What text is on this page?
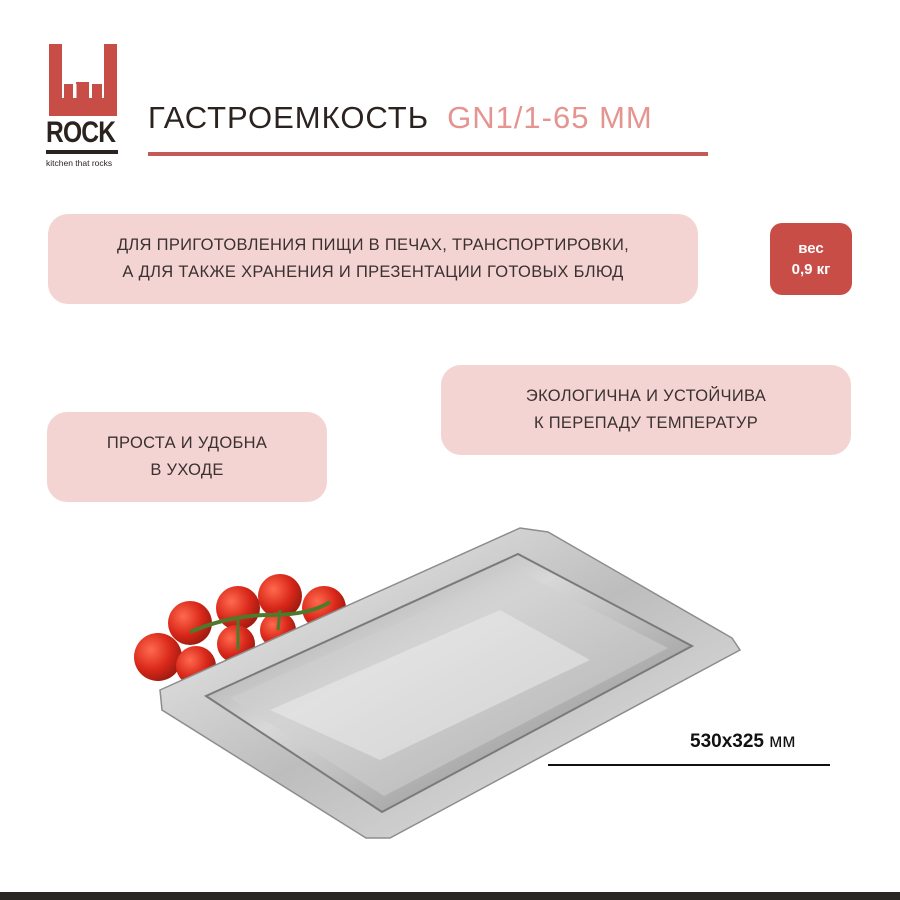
ROCK
kitchen that rocks
ГАСТРОЕМКОСТЬ GN1/1-65 MM
ДЛЯ ПРИГОТОВЛЕНИЯ ПИЩИ В ПЕЧАХ, ТРАНСПОРТИРОВКИ,
А ДЛЯ ТАКЖЕ ХРАНЕНИЯ И ПРЕЗЕНТАЦИИ ГОТОВЫХ БЛЮД
вес
0,9 кг
ЭКОЛОГИЧНА И УСТОЙЧИВА
К ПЕРЕПАДУ ТЕМПЕРАТУР
ПРОСТА И УДОБНА
В УХОДЕ
530х325 мм
